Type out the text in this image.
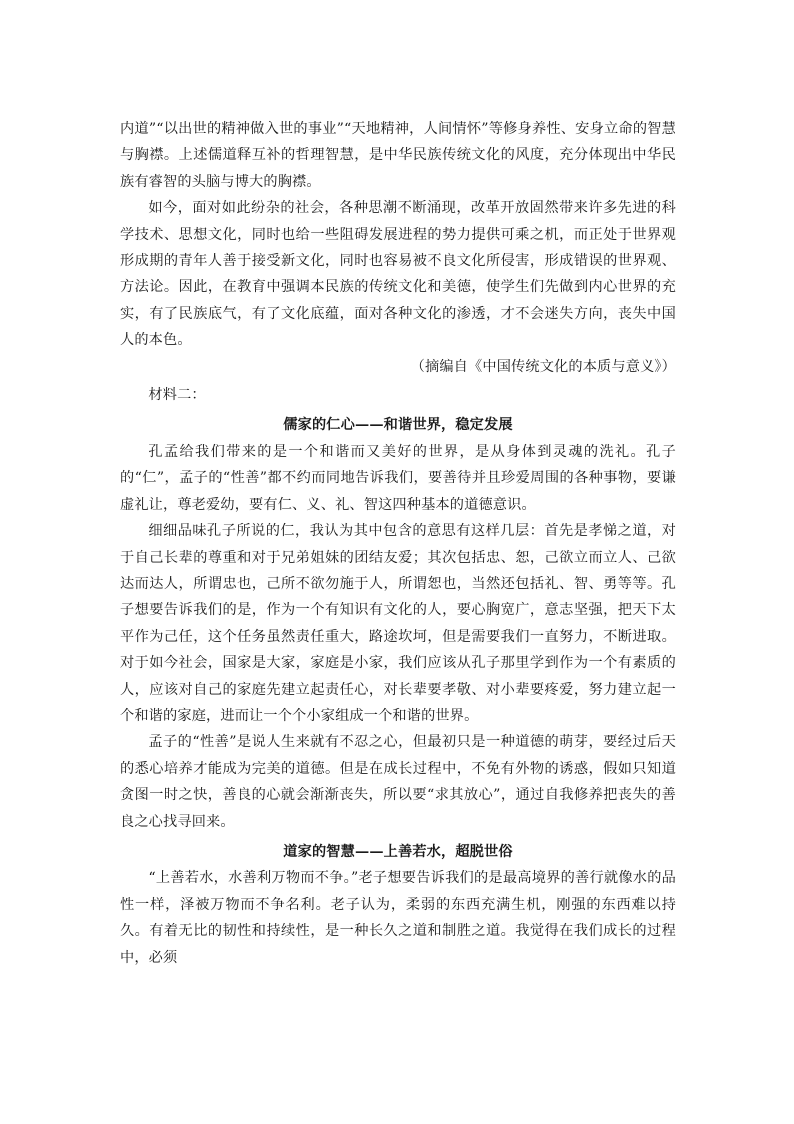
内道”“以出世的精神做入世的事业”“天地精神，人间情怀”等修身养性、安身立命的智慧与胸襟。上述儒道释互补的哲理智慧，是中华民族传统文化的风度，充分体现出中华民族有睿智的头脑与博大的胸襟。

如今，面对如此纷杂的社会，各种思潮不断涌现，改革开放固然带来许多先进的科学技术、思想文化，同时也给一些阻碍发展进程的势力提供可乘之机，而正处于世界观形成期的青年人善于接受新文化，同时也容易被不良文化所侵害，形成错误的世界观、方法论。因此，在教育中强调本民族的传统文化和美德，使学生们先做到内心世界的充实，有了民族底气，有了文化底蕴，面对各种文化的渗透，才不会迷失方向，丧失中国人的本色。

（摘编自《中国传统文化的本质与意义》）

材料二：

儒家的仁心——和谐世界，稳定发展

孔孟给我们带来的是一个和谐而又美好的世界，是从身体到灵魂的洗礼。孔子的“仁”，孟子的“性善”都不约而同地告诉我们，要善待并且珍爱周围的各种事物，要谦虚礼让，尊老爱幼，要有仁、义、礼、智这四种基本的道德意识。

细细品味孔子所说的仁，我认为其中包含的意思有这样几层：首先是孝悌之道，对于自己长辈的尊重和对于兄弟姐妹的团结友爱；其次包括忠、恕，己欲立而立人、己欲达而达人，所谓忠也，己所不欲勿施于人，所谓恕也，当然还包括礼、智、勇等等。孔子想要告诉我们的是，作为一个有知识有文化的人，要心胸宽广，意志坚强，把天下太平作为己任，这个任务虽然责任重大，路途坎坷，但是需要我们一直努力，不断进取。对于如今社会，国家是大家，家庭是小家，我们应该从孔子那里学到作为一个有素质的人，应该对自己的家庭先建立起责任心，对长辈要孝敬、对小辈要疼爱，努力建立起一个和谐的家庭，进而让一个个小家组成一个和谐的世界。

孟子的“性善”是说人生来就有不忍之心，但最初只是一种道德的萌芽，要经过后天的悉心培养才能成为完美的道德。但是在成长过程中，不免有外物的诱惑，假如只知道贪图一时之快，善良的心就会渐渐丧失，所以要“求其放心”，通过自我修养把丧失的善良之心找寻回来。

道家的智慧——上善若水，超脱世俗

“上善若水，水善利万物而不争。”老子想要告诉我们的是最高境界的善行就像水的品性一样，泽被万物而不争名利。老子认为，柔弱的东西充满生机，刚强的东西难以持久。有着无比的韧性和持续性，是一种长久之道和制胜之道。我觉得在我们成长的过程中，必须
